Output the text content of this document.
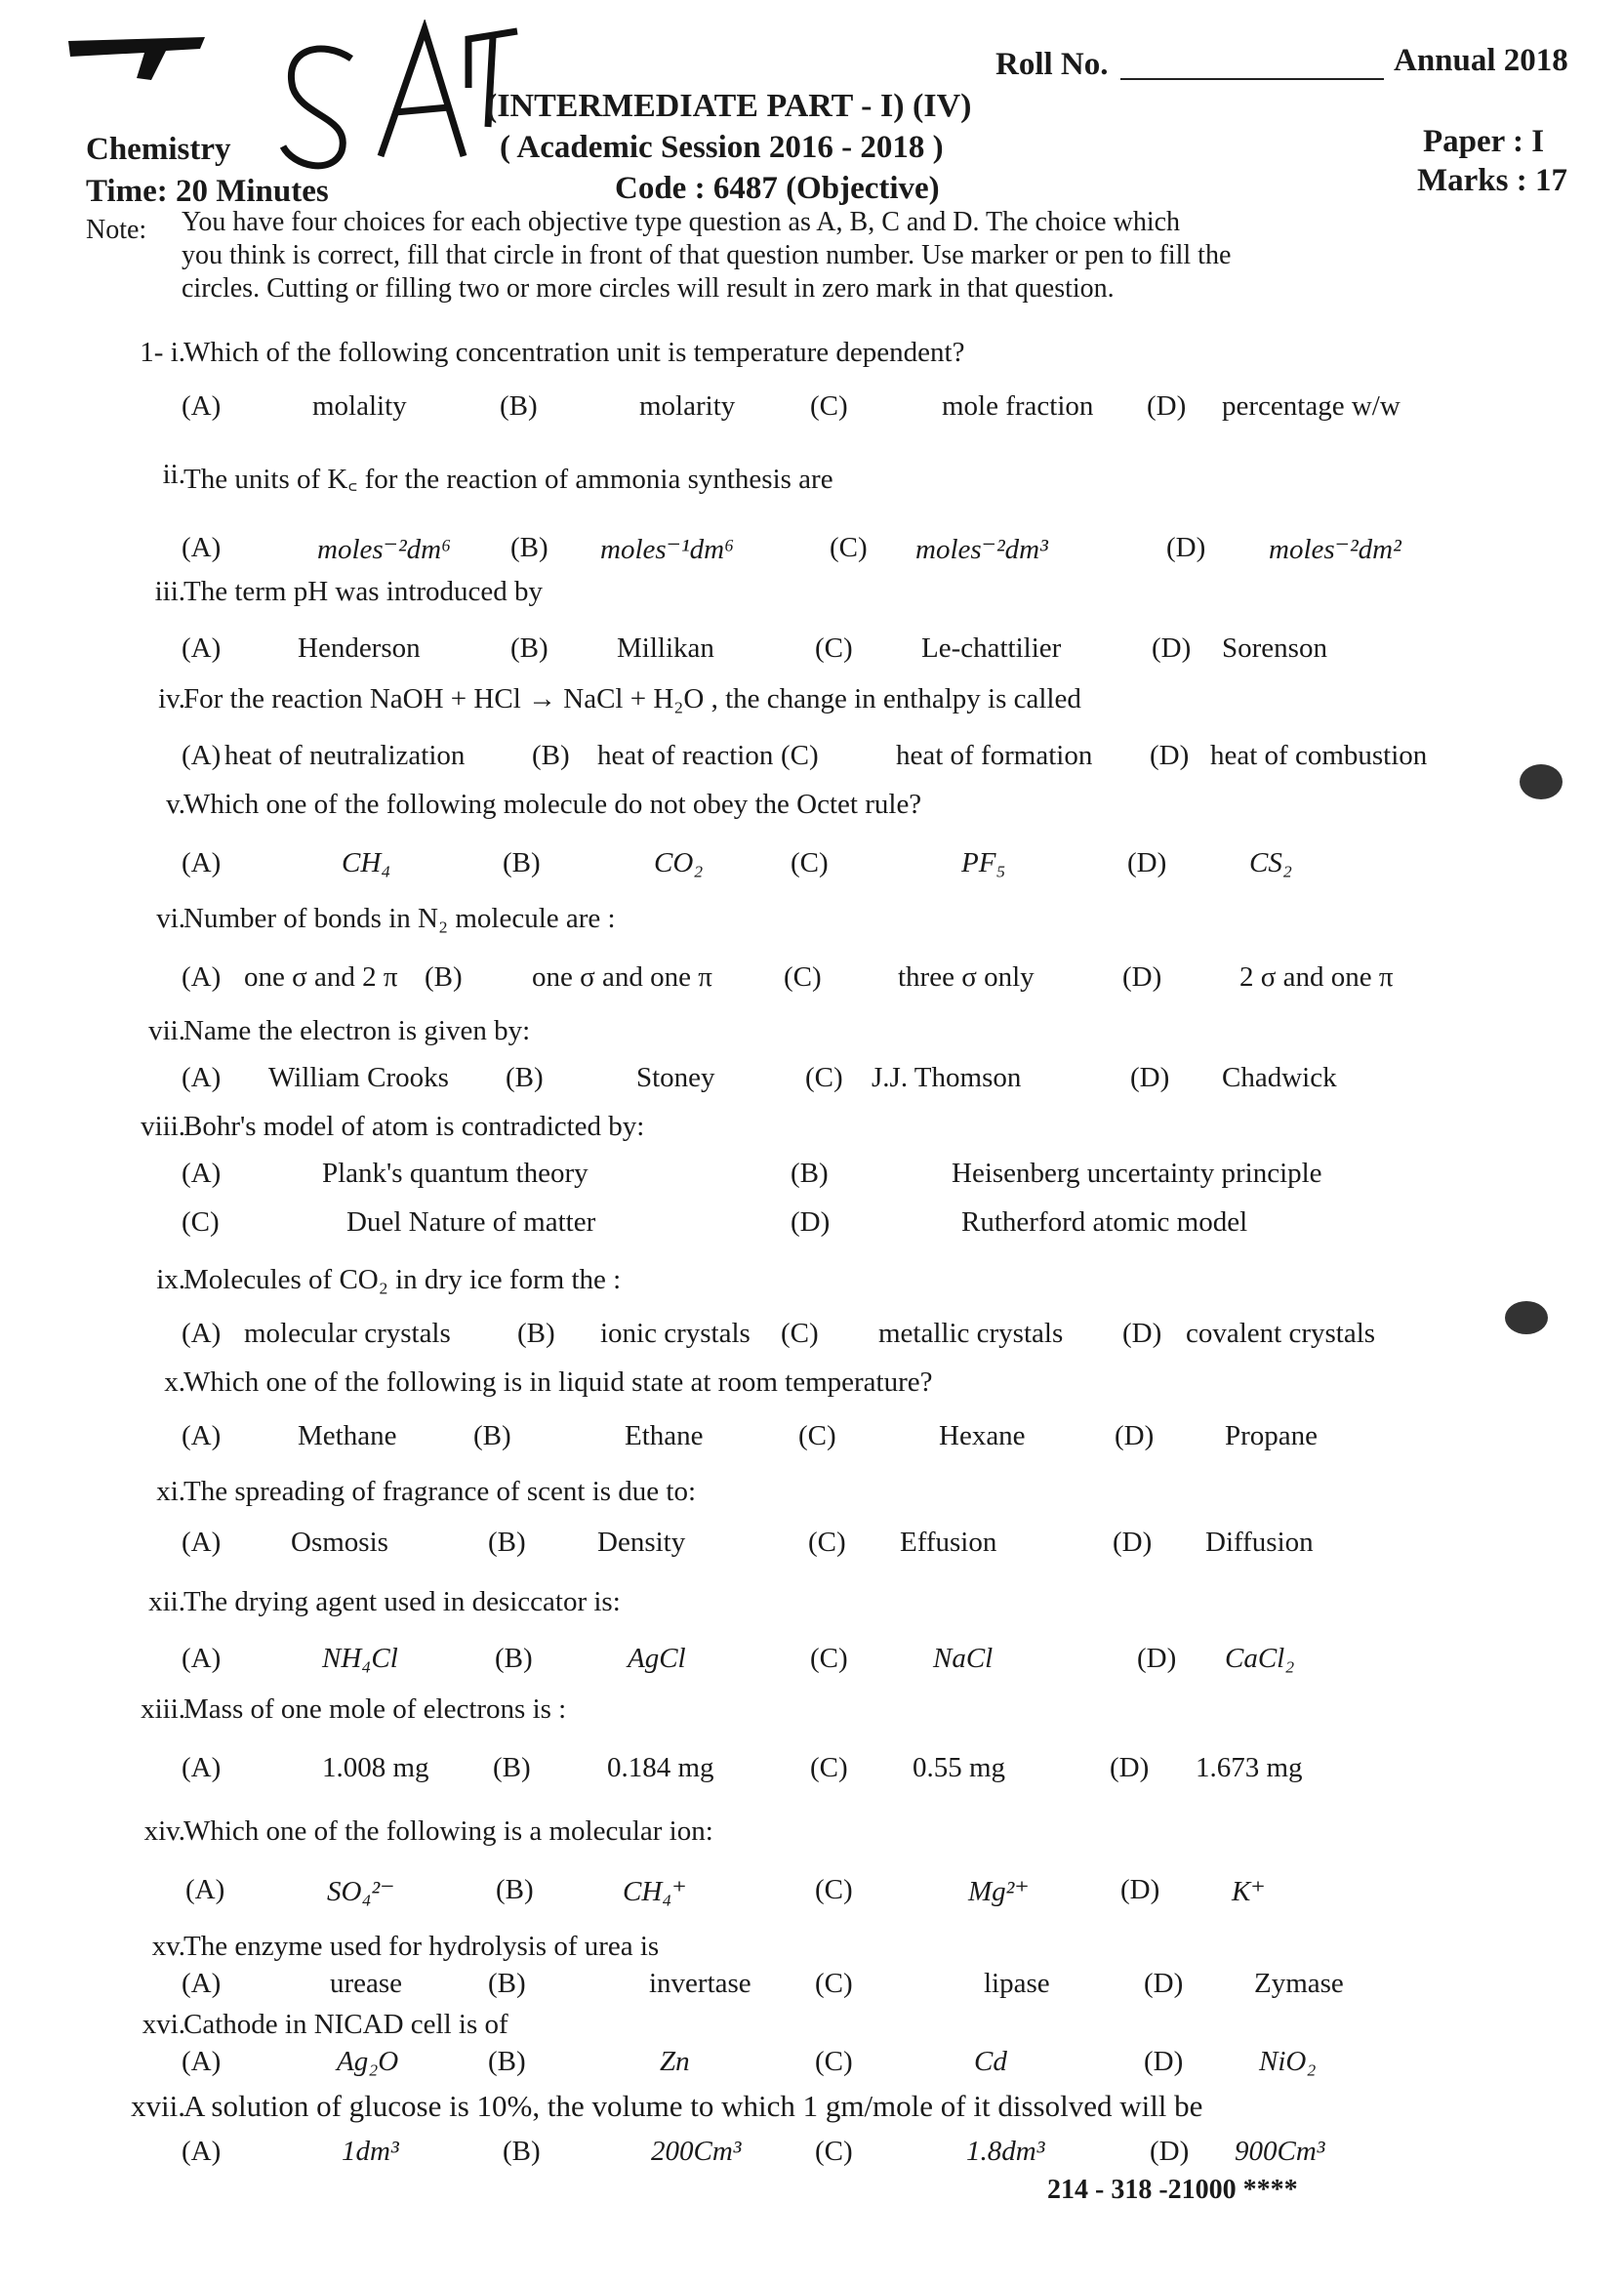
Roll No.	Annual 2018
(INTERMEDIATE PART - I) (IV)
( Academic Session 2016 - 2018 )
Code : 6487 (Objective)
Chemistry
Time: 20 Minutes
Paper : I
Marks : 17
Note: You have four choices for each objective type question as A, B, C and D. The choice which
you think is correct, fill that circle in front of that question number. Use marker or pen to fill the
circles. Cutting or filling two or more circles will result in zero mark in that question.
1- i.
Which of the following concentration unit is temperature dependent?
(A)	molality	(B)	molarity	(C)	mole fraction (D) percentage w/w
ii.
The units of K꜀ for the reaction of ammonia synthesis are
(A)	moles⁻²dm⁶ (B) moles⁻¹dm⁶	(C) moles⁻²dm³	(D) moles⁻²dm²
iii.
The term pH was introduced by
(A)	Henderson	(B) Millikan	(C) Le-chattilier	(D) Sorenson
iv.
For the reaction NaOH + HCl → NaCl + H₂O , the change in enthalpy is called
(A) heat of neutralization (B) heat of reaction (C)	heat of formation (D) heat of combustion
v.
Which one of the following molecule do not obey the Octet rule?
(A)	CH₄	(B)	CO₂	(C)	PF₅	(D)	CS₂
vi.
Number of bonds in N₂ molecule are :
(A) one σ and 2 π (B) one σ and one π	(C)	three σ only	(D)	2 σ and one π
vii.
Name the electron is given by:
(A) William Crooks (B)	Stoney	(C) J.J. Thomson	(D) Chadwick
viii.
Bohr's model of atom is contradicted by:
(A)	Plank's quantum theory	(B)	Heisenberg uncertainty principle
(C)	Duel Nature of matter	(D)	Rutherford atomic model
ix.
Molecules of CO₂ in dry ice form the :
(A) molecular crystals (B) ionic crystals (C) metallic crystals (D) covalent crystals
x.
Which one of the following is in liquid state at room temperature?
(A)	Methane	(B)	Ethane	(C)	Hexane	(D)	Propane
xi.
The spreading of fragrance of scent is due to:
(A) Osmosis	(B)	Density	(C) Effusion	(D) Diffusion
xii.
The drying agent used in desiccator is:
(A)	NH₄Cl	(B)	AgCl	(C)	NaCl	(D) CaCl₂
xiii.
Mass of one mole of electrons is :
(A)	1.008 mg (B)	0.184 mg	(C) 0.55 mg	(D) 1.673 mg
xiv.
Which one of the following is a molecular ion:
(A)	SO₄²⁻	(B)	CH₄⁺	(C)	Mg²⁺	(D)	K⁺
xv.
The enzyme used for hydrolysis of urea is
(A)	urease	(B)	invertase (C)	lipase	(D)	Zymase
xvi.
Cathode in NICAD cell is of
(A)	Ag₂O	(B)	Zn	(C)	Cd	(D)	NiO₂
xvii.
A solution of glucose is 10%, the volume to which 1 gm/mole of it dissolved will be
(A)	1dm³	(B)	200Cm³	(C)	1.8dm³	(D) 900Cm³
214 - 318 -21000 ****
